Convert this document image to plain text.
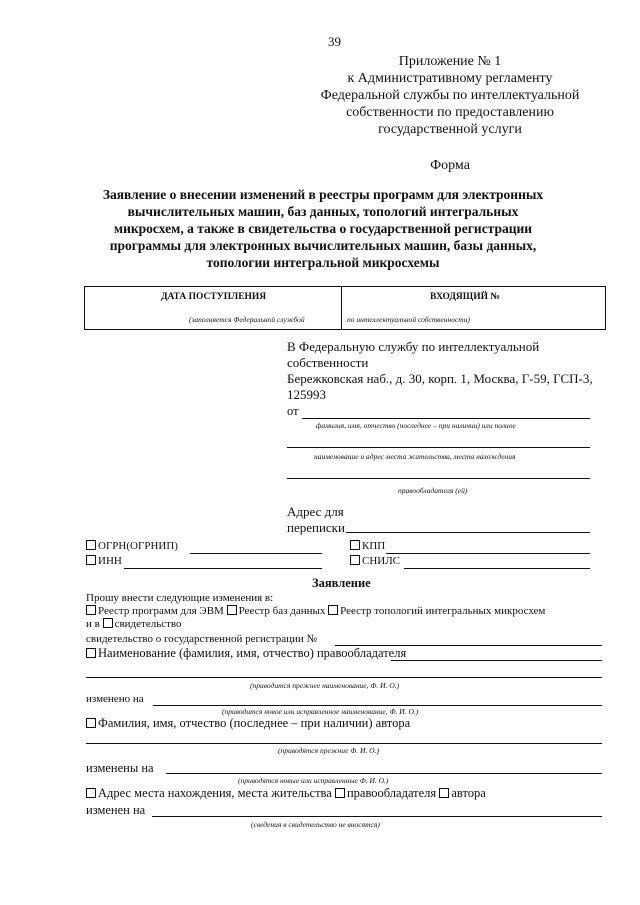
39
Приложение № 1
к Административному регламенту
Федеральной службы по интеллектуальной
собственности по предоставлению
государственной услуги
Форма
Заявление о внесении изменений в реестры программ для электронных
вычислительных машин, баз данных, топологий интегральных
микросхем, а также в свидетельства о государственной регистрации
программы для электронных вычислительных машин, базы данных,
топологии интегральной микросхемы
ДАТА ПОСТУПЛЕНИЯ	ВХОДЯЩИЙ №
(заполняется Федеральной службой	по интеллектуальной собственности)
В Федеральную службу по интеллектуальной
собственности
Бережковская наб., д. 30, корп. 1, Москва, Г-59, ГСП-3,
125993
от
фамилия, имя, отчество (последнее – при наличии) или полное
наименование и адрес места жительства, места нахождения
правообладателя (ей)
Адрес для
переписки
ОГРН(ОГРНИП)
ИНН
КПП
СНИЛС
Заявление
Прошу внести следующие изменения в:
Реестр программ для ЭВМ Реестр баз данных Реестр топологий интегральных микросхем
и в свидетельство
свидетельство о государственной регистрации №
Наименование (фамилия, имя, отчество) правообладателя
(приводится прежнее наименование, Ф. И. О.)
изменено на
(приводится новое или исправленное наименование, Ф. И. О.)
Фамилия, имя, отчество (последнее – при наличии) автора
(приводятся прежние Ф. И. О.)
изменены на
(приводятся новые или исправленные Ф. И. О.)
Адрес места нахождения, места жительства правообладателя автора
изменен на
(сведения в свидетельство не вносятся)
